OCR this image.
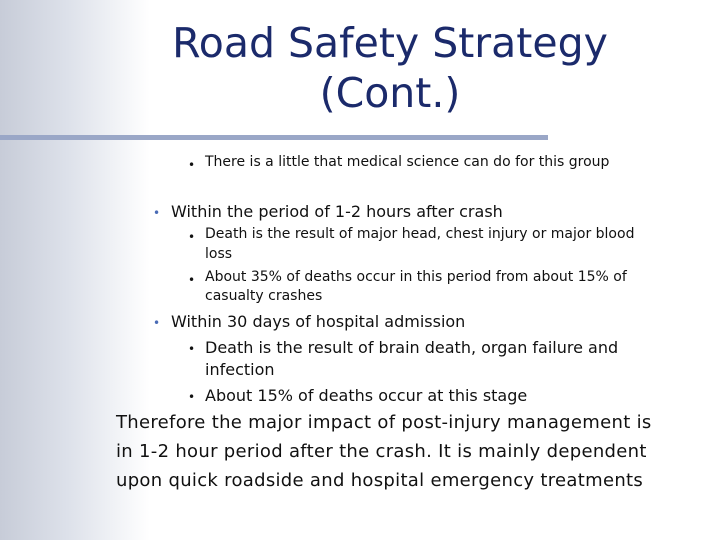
Road Safety Strategy
(Cont.)
• There is a little that medical science can do for this group
• Within the period of 1-2 hours after crash
• Death is the result of major head, chest injury or major blood
loss
• About 35% of deaths occur in this period from about 15% of
casualty crashes
• Within 30 days of hospital admission
• Death is the result of brain death, organ failure and
infection
• About 15% of deaths occur at this stage
Therefore the major impact of post-injury management is
in 1-2 hour period after the crash. It is mainly dependent
upon quick roadside and hospital emergency treatments
